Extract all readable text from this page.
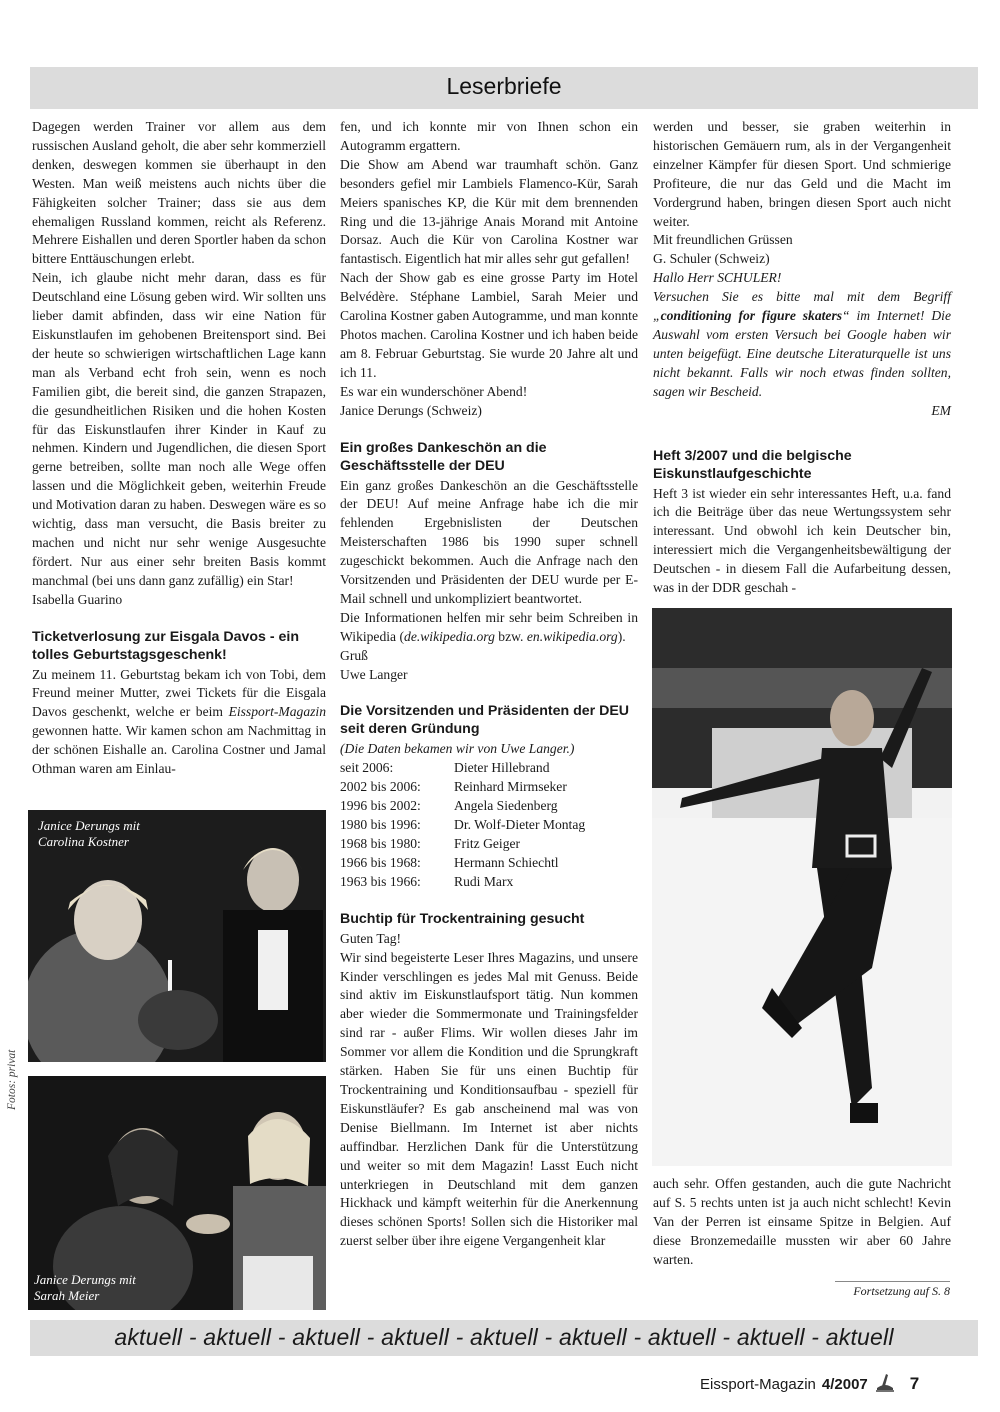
Leserbriefe

Dagegen werden Trainer vor allem aus dem russischen Ausland geholt, die aber sehr kommerziell denken, deswegen kommen sie überhaupt in den Westen. Man weiß meistens auch nichts über die Fähigkeiten solcher Trainer; dass sie aus dem ehemaligen Russland kommen, reicht als Referenz. Mehrere Eishallen und deren Sportler haben da schon bittere Enttäuschungen erlebt.

Nein, ich glaube nicht mehr daran, dass es für Deutschland eine Lösung geben wird. Wir sollten uns lieber damit abfinden, dass wir eine Nation für Eiskunstlaufen im gehobenen Breitensport sind. Bei der heute so schwierigen wirtschaftlichen Lage kann man als Verband echt froh sein, wenn es noch Familien gibt, die bereit sind, die ganzen Strapazen, die gesundheitlichen Risiken und die hohen Kosten für das Eiskunstlaufen ihrer Kinder in Kauf zu nehmen. Kindern und Jugendlichen, die diesen Sport gerne betreiben, sollte man noch alle Wege offen lassen und die Möglichkeit geben, weiterhin Freude und Motivation daran zu haben. Deswegen wäre es so wichtig, dass man versucht, die Basis breiter zu machen und nicht nur sehr wenige Ausgesuchte fördert. Nur aus einer sehr breiten Basis kommt manchmal (bei uns dann ganz zufällig) ein Star!

Isabella Guarino

Ticketverlosung zur Eisgala Davos - ein tolles Geburtstagsgeschenk!

Zu meinem 11. Geburtstag bekam ich von Tobi, dem Freund meiner Mutter, zwei Tickets für die Eisgala Davos geschenkt, welche er beim Eissport-Magazin gewonnen hatte. Wir kamen schon am Nachmittag in der schönen Eishalle an. Carolina Costner und Jamal Othman waren am Einlau-

Janice Derungs mit Carolina Kostner
Janice Derungs mit Sarah Meier
Fotos: privat

fen, und ich konnte mir von Ihnen schon ein Autogramm ergattern.

Die Show am Abend war traumhaft schön. Ganz besonders gefiel mir Lambiels Flamenco-Kür, Sarah Meiers spanisches KP, die Kür mit dem brennenden Ring und die 13-jährige Anais Morand mit Antoine Dorsaz. Auch die Kür von Carolina Kostner war fantastisch. Eigentlich hat mir alles sehr gut gefallen!

Nach der Show gab es eine grosse Party im Hotel Belvédère. Stéphane Lambiel, Sarah Meier und Carolina Kostner gaben Autogramme, und man konnte Photos machen. Carolina Kostner und ich haben beide am 8. Februar Geburtstag. Sie wurde 20 Jahre alt und ich 11.

Es war ein wunderschöner Abend!

Janice Derungs (Schweiz)

Ein großes Dankeschön an die Geschäftsstelle der DEU

Ein ganz großes Dankeschön an die Geschäftsstelle der DEU! Auf meine Anfrage habe ich die mir fehlenden Ergebnislisten der Deutschen Meisterschaften 1986 bis 1990 super schnell zugeschickt bekommen. Auch die Anfrage nach den Vorsitzenden und Präsidenten der DEU wurde per E-Mail schnell und unkompliziert beantwortet.

Die Informationen helfen mir sehr beim Schreiben in Wikipedia (de.wikipedia.org bzw. en.wikipedia.org).

Gruß

Uwe Langer

Die Vorsitzenden und Präsidenten der DEU seit deren Gründung

(Die Daten bekamen wir von Uwe Langer.)

seit 2006:	Dieter Hillebrand
2002 bis 2006:	Reinhard Mirmseker
1996 bis 2002:	Angela Siedenberg
1980 bis 1996:	Dr. Wolf-Dieter Montag
1968 bis 1980:	Fritz Geiger
1966 bis 1968:	Hermann Schiechtl
1963 bis 1966:	Rudi Marx
Buchtip für Trockentraining gesucht

Guten Tag!

Wir sind begeisterte Leser Ihres Magazins, und unsere Kinder verschlingen es jedes Mal mit Genuss. Beide sind aktiv im Eiskunstlaufsport tätig. Nun kommen aber wieder die Sommermonate und Trainingsfelder sind rar - außer Flims. Wir wollen dieses Jahr im Sommer vor allem die Kondition und die Sprungkraft stärken. Haben Sie für uns einen Buchtip für Trockentraining und Konditionsaufbau - speziell für Eiskunstläufer? Es gab anscheinend mal was von Denise Biellmann. Im Internet ist aber nichts auffindbar. Herzlichen Dank für die Unterstützung und weiter so mit dem Magazin! Lasst Euch nicht unterkriegen in Deutschland mit dem ganzen Hickhack und kämpft weiterhin für die Anerkennung dieses schönen Sports! Sollen sich die Historiker mal zuerst selber über ihre eigene Vergangenheit klar

werden und besser, sie graben weiterhin in historischen Gemäuern rum, als in der Vergangenheit einzelner Kämpfer für diesen Sport. Und schmierige Profiteure, die nur das Geld und die Macht im Vordergrund haben, bringen diesen Sport auch nicht weiter.

Mit freundlichen Grüssen

G. Schuler (Schweiz)

Hallo Herr SCHULER!

Versuchen Sie es bitte mal mit dem Begriff „conditioning for figure skaters“ im Internet! Die Auswahl vom ersten Versuch bei Google haben wir unten beigefügt. Eine deutsche Literaturquelle ist uns nicht bekannt. Falls wir noch etwas finden sollten, sagen wir Bescheid.

EM

Heft 3/2007 und die belgische Eiskunstlaufgeschichte

Heft 3 ist wieder ein sehr interessantes Heft, u.a. fand ich die Beiträge über das neue Wertungssystem sehr interessant. Und obwohl ich kein Deutscher bin, interessiert mich die Vergangenheitsbewältigung der Deutschen - in diesem Fall die Aufarbeitung dessen, was in der DDR geschah -

auch sehr. Offen gestanden, auch die gute Nachricht auf S. 5 rechts unten ist ja auch nicht schlecht! Kevin Van der Perren ist einsame Spitze in Belgien. Auf diese Bronzemedaille mussten wir aber 60 Jahre warten.

Fortsetzung auf S. 8
aktuell - aktuell - aktuell - aktuell - aktuell - aktuell - aktuell - aktuell - aktuell
Eissport-Magazin 4/2007 7
